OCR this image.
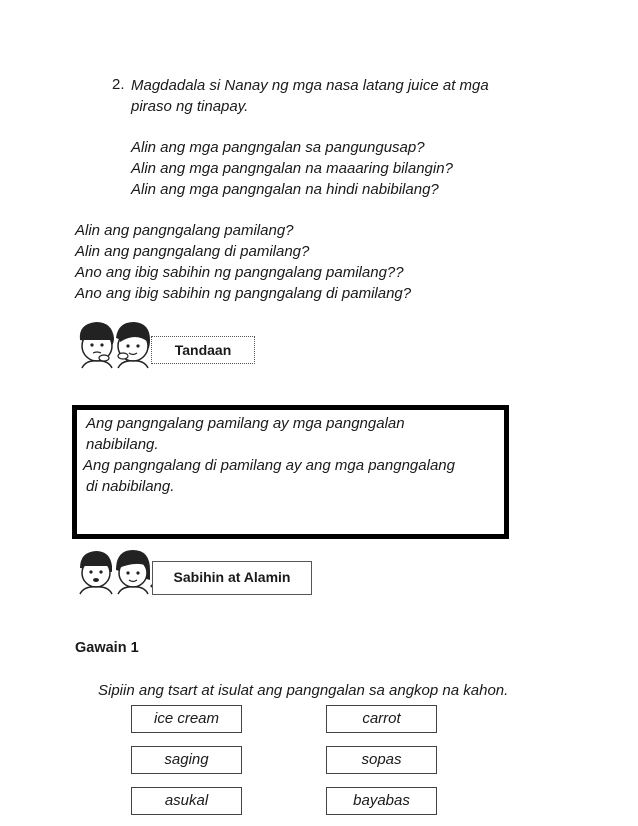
2. Magdadala si Nanay ng mga nasa latang juice at mga
piraso ng tinapay.
Alin ang mga pangngalan sa pangungusap?
Alin ang mga pangngalan na maaaring bilangin?
Alin ang mga pangngalan na hindi nabibilang?
Alin ang pangngalang pamilang?
Alin ang pangngalang di pamilang?
Ano ang ibig sabihin ng pangngalang pamilang??
Ano ang ibig sabihin ng pangngalang di pamilang?
Tandaan
Ang pangngalang pamilang ay mga pangngalan
nabibilang.
Ang pangngalang di pamilang ay ang mga pangngalang
di nabibilang.
Sabihin at Alamin
Gawain 1
Sipiin ang tsart at isulat ang pangngalan sa angkop na kahon.
ice cream	carrot
saging	sopas
asukal	bayabas
